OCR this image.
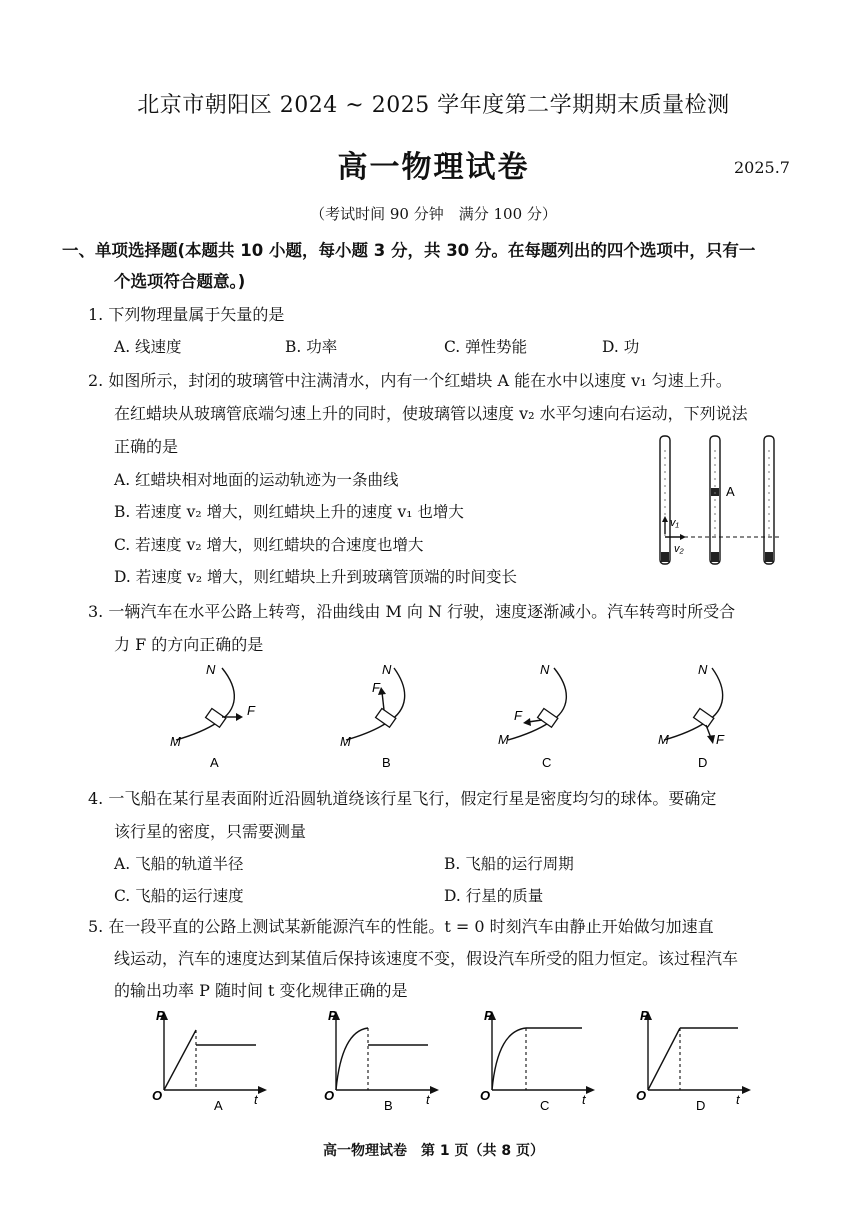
北京市朝阳区 2024 ~ 2025 学年度第二学期期末质量检测
高一物理试卷	2025.7
（考试时间 90 分钟　满分 100 分）
一、单项选择题(本题共 10 小题，每小题 3 分，共 30 分。在每题列出的四个选项中，只有一
个选项符合题意。)
1. 下列物理量属于矢量的是
A. 线速度	B. 功率	C. 弹性势能	D. 功
2. 如图所示，封闭的玻璃管中注满清水，内有一个红蜡块 A 能在水中以速度 v₁ 匀速上升。
在红蜡块从玻璃管底端匀速上升的同时，使玻璃管以速度 v₂ 水平匀速向右运动，下列说法
正确的是
A. 红蜡块相对地面的运动轨迹为一条曲线
B. 若速度 v₂ 增大，则红蜡块上升的速度 v₁ 也增大
C. 若速度 v₂ 增大，则红蜡块的合速度也增大
D. 若速度 v₂ 增大，则红蜡块上升到玻璃管顶端的时间变长
A
v₁
v₂
3. 一辆汽车在水平公路上转弯，沿曲线由 M 向 N 行驶，速度逐渐减小。汽车转弯时所受合
力 F 的方向正确的是
N
M
F
A
N
M
F
B
N
M
F
C
N
M	F
D
4. 一飞船在某行星表面附近沿圆轨道绕该行星飞行，假定行星是密度均匀的球体。要确定
该行星的密度，只需要测量
A. 飞船的轨道半径	B. 飞船的运行周期
C. 飞船的运行速度	D. 行星的质量
5. 在一段平直的公路上测试某新能源汽车的性能。t = 0 时刻汽车由静止开始做匀加速直
线运动，汽车的速度达到某值后保持该速度不变，假设汽车所受的阻力恒定。该过程汽车
的输出功率 P 随时间 t 变化规律正确的是
P
O	t
A
P
O	t
B
P
O	t
C
P
O	t
D
高一物理试卷　第 1 页（共 8 页）
